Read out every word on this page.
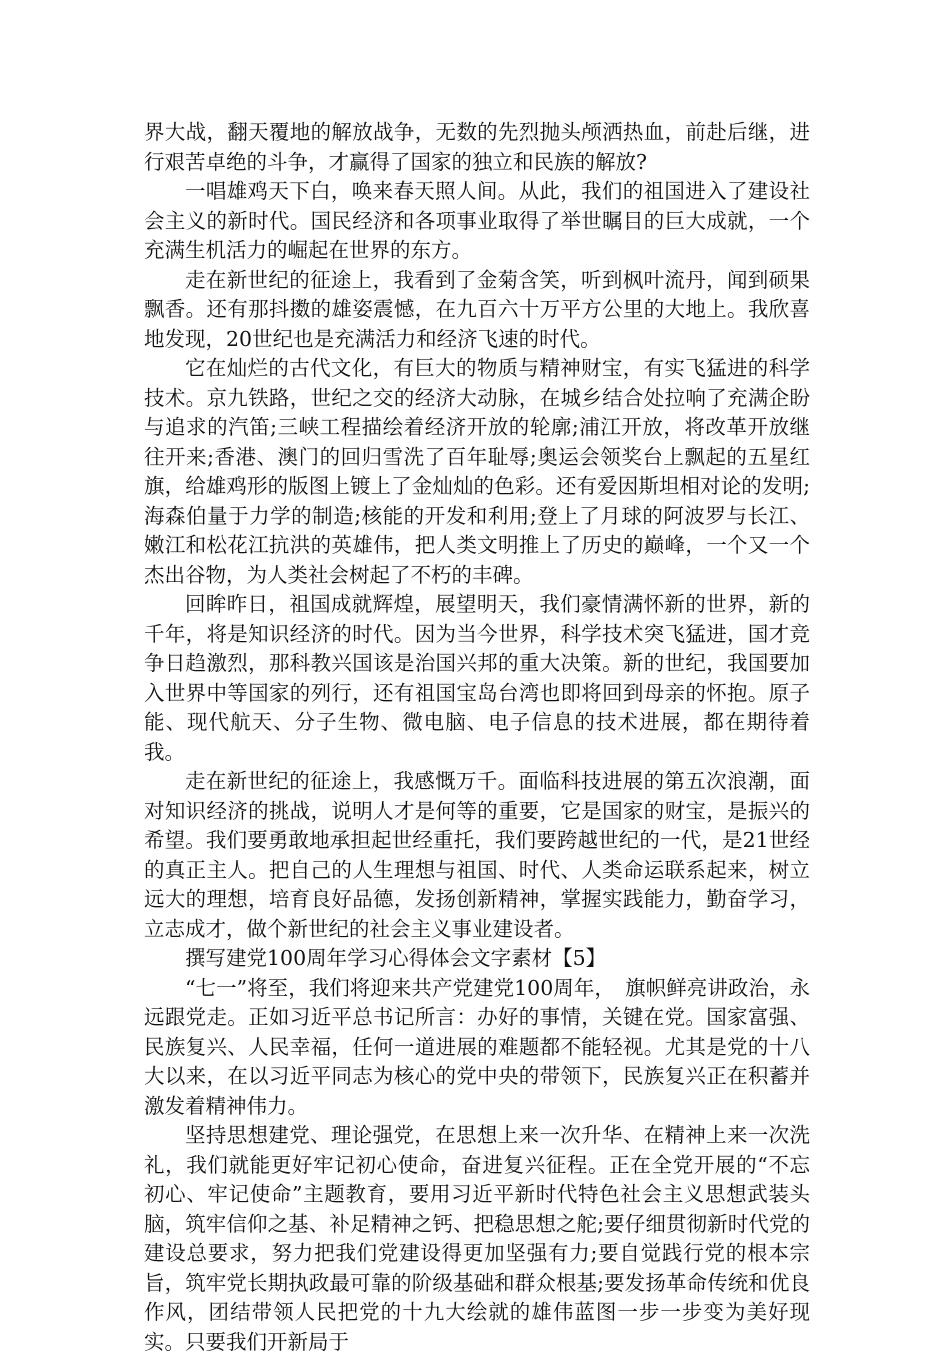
界大战，翻天覆地的解放战争，无数的先烈抛头颅洒热血，前赴后继，进行艰苦卓绝的斗争，才赢得了国家的独立和民族的解放?

一唱雄鸡天下白，唤来春天照人间。从此，我们的祖国进入了建设社会主义的新时代。国民经济和各项事业取得了举世瞩目的巨大成就，一个充满生机活力的崛起在世界的东方。

走在新世纪的征途上，我看到了金菊含笑，听到枫叶流丹，闻到硕果飘香。还有那抖擞的雄姿震憾，在九百六十万平方公里的大地上。我欣喜地发现，20世纪也是充满活力和经济飞速的时代。

它在灿烂的古代文化，有巨大的物质与精神财宝，有实飞猛进的科学技术。京九铁路，世纪之交的经济大动脉，在城乡结合处拉响了充满企盼与追求的汽笛;三峡工程描绘着经济开放的轮廓;浦江开放，将改革开放继往开来;香港、澳门的回归雪洗了百年耻辱;奥运会领奖台上飘起的五星红旗，给雄鸡形的版图上镀上了金灿灿的色彩。还有爱因斯坦相对论的发明;海森伯量于力学的制造;核能的开发和利用;登上了月球的阿波罗与长江、嫩江和松花江抗洪的英雄伟，把人类文明推上了历史的巅峰，一个又一个杰出谷物，为人类社会树起了不朽的丰碑。

回眸昨日，祖国成就辉煌，展望明天，我们豪情满怀新的世界，新的千年，将是知识经济的时代。因为当今世界，科学技术突飞猛进，国才竞争日趋激烈，那科教兴国该是治国兴邦的重大决策。新的世纪，我国要加入世界中等国家的列行，还有祖国宝岛台湾也即将回到母亲的怀抱。原子能、现代航天、分子生物、微电脑、电子信息的技术进展，都在期待着我。

走在新世纪的征途上，我感慨万千。面临科技进展的第五次浪潮，面对知识经济的挑战，说明人才是何等的重要，它是国家的财宝，是振兴的希望。我们要勇敢地承担起世经重托，我们要跨越世纪的一代，是21世经的真正主人。把自己的人生理想与祖国、时代、人类命运联系起来，树立远大的理想，培育良好品德，发扬创新精神，掌握实践能力，勤奋学习，立志成才，做个新世纪的社会主义事业建设者。

撰写建党100周年学习心得体会文字素材【5】

“七一”将至，我们将迎来共产党建党100周年，　旗帜鲜亮讲政治，永远跟党走。正如习近平总书记所言：办好的事情，关键在党。国家富强、民族复兴、人民幸福，任何一道进展的难题都不能轻视。尤其是党的十八大以来，在以习近平同志为核心的党中央的带领下，民族复兴正在积蓄并激发着精神伟力。

坚持思想建党、理论强党，在思想上来一次升华、在精神上来一次洗礼，我们就能更好牢记初心使命，奋进复兴征程。正在全党开展的“不忘初心、牢记使命”主题教育，要用习近平新时代特色社会主义思想武装头脑，筑牢信仰之基、补足精神之钙、把稳思想之舵;要仔细贯彻新时代党的建设总要求，努力把我们党建设得更加坚强有力;要自觉践行党的根本宗旨，筑牢党长期执政最可靠的阶级基础和群众根基;要发扬革命传统和优良作风，团结带领人民把党的十九大绘就的雄伟蓝图一步一步变为美好现实。只要我们开新局于
